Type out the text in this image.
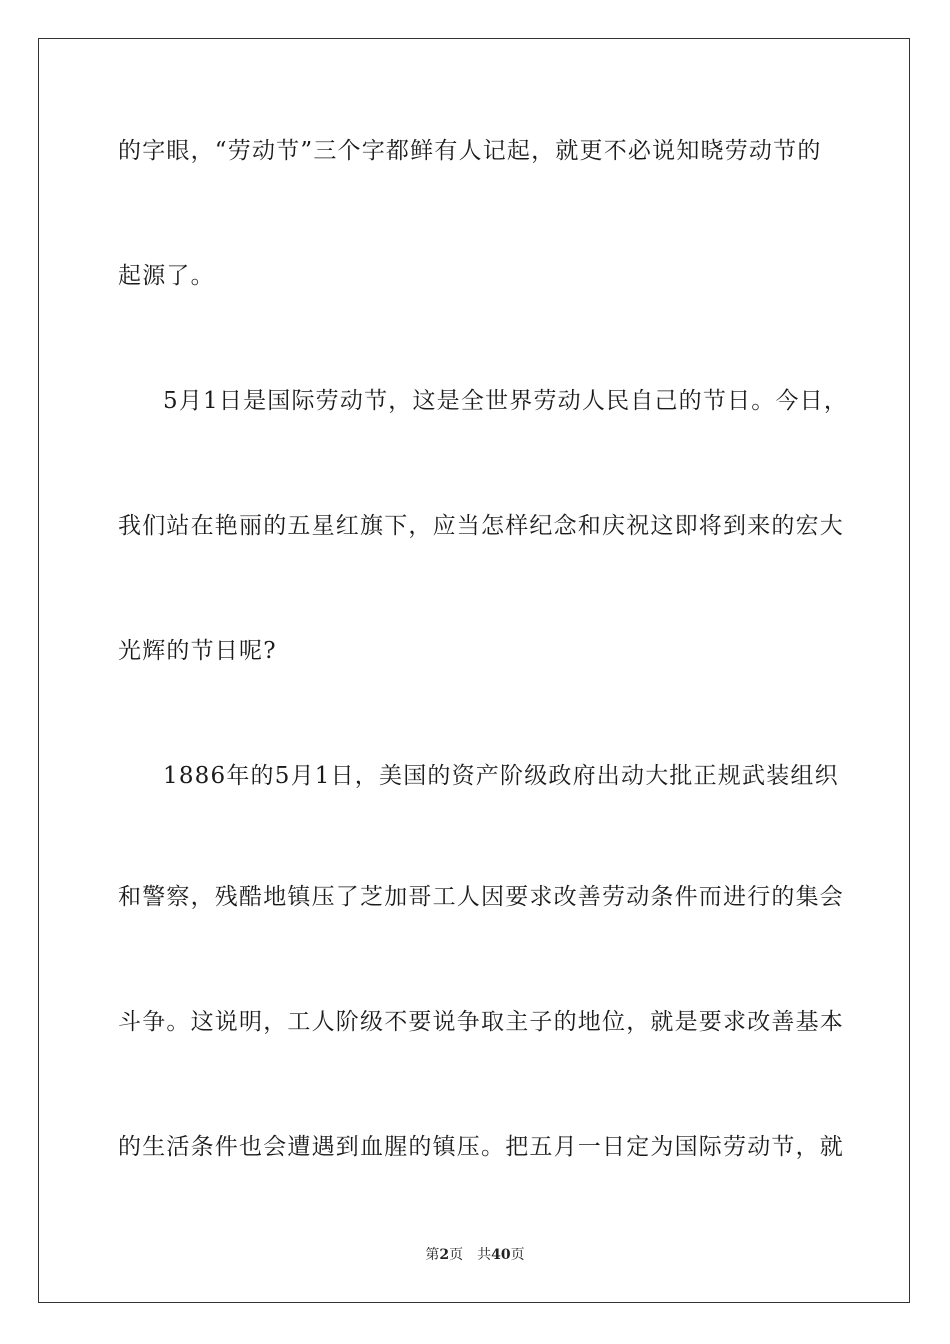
的字眼，“劳动节”三个字都鲜有人记起，就更不必说知晓劳动节的
起源了。
5月1日是国际劳动节，这是全世界劳动人民自己的节日。今日，
我们站在艳丽的五星红旗下，应当怎样纪念和庆祝这即将到来的宏大
光辉的节日呢?
1886年的5月1日，美国的资产阶级政府出动大批正规武装组织
和警察，残酷地镇压了芝加哥工人因要求改善劳动条件而进行的集会
斗争。这说明，工人阶级不要说争取主子的地位，就是要求改善基本
的生活条件也会遭遇到血腥的镇压。把五月一日定为国际劳动节，就
第2页 共40页
